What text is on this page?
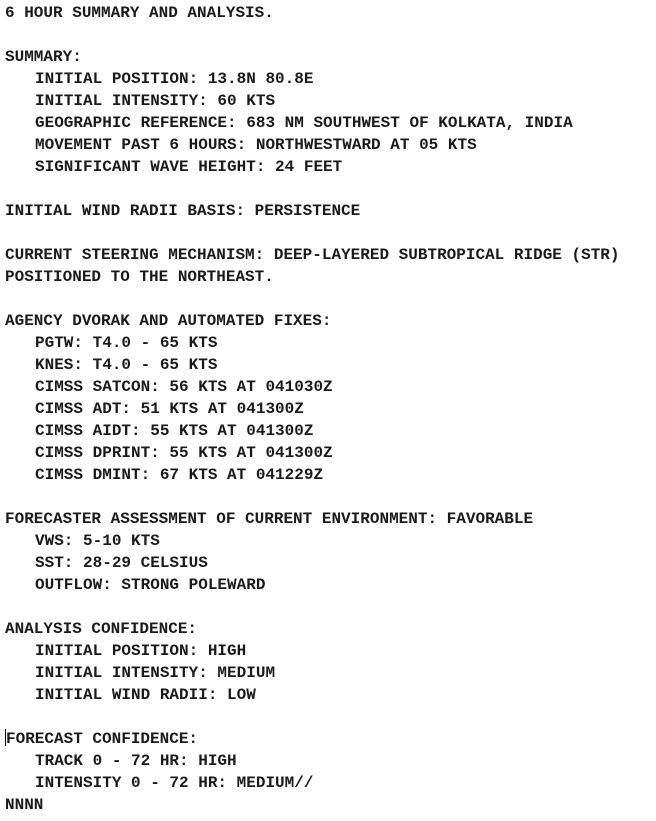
6 HOUR SUMMARY AND ANALYSIS.
SUMMARY:
INITIAL POSITION: 13.8N 80.8E
INITIAL INTENSITY: 60 KTS
GEOGRAPHIC REFERENCE: 683 NM SOUTHWEST OF KOLKATA, INDIA
MOVEMENT PAST 6 HOURS: NORTHWESTWARD AT 05 KTS
SIGNIFICANT WAVE HEIGHT: 24 FEET
INITIAL WIND RADII BASIS: PERSISTENCE
CURRENT STEERING MECHANISM: DEEP-LAYERED SUBTROPICAL RIDGE (STR)
POSITIONED TO THE NORTHEAST.
AGENCY DVORAK AND AUTOMATED FIXES:
PGTW: T4.0 - 65 KTS
KNES: T4.0 - 65 KTS
CIMSS SATCON: 56 KTS AT 041030Z
CIMSS ADT: 51 KTS AT 041300Z
CIMSS AIDT: 55 KTS AT 041300Z
CIMSS DPRINT: 55 KTS AT 041300Z
CIMSS DMINT: 67 KTS AT 041229Z
FORECASTER ASSESSMENT OF CURRENT ENVIRONMENT: FAVORABLE
VWS: 5-10 KTS
SST: 28-29 CELSIUS
OUTFLOW: STRONG POLEWARD
ANALYSIS CONFIDENCE:
INITIAL POSITION: HIGH
INITIAL INTENSITY: MEDIUM
INITIAL WIND RADII: LOW
FORECAST CONFIDENCE:
TRACK 0 - 72 HR: HIGH
INTENSITY 0 - 72 HR: MEDIUM//
NNNN
